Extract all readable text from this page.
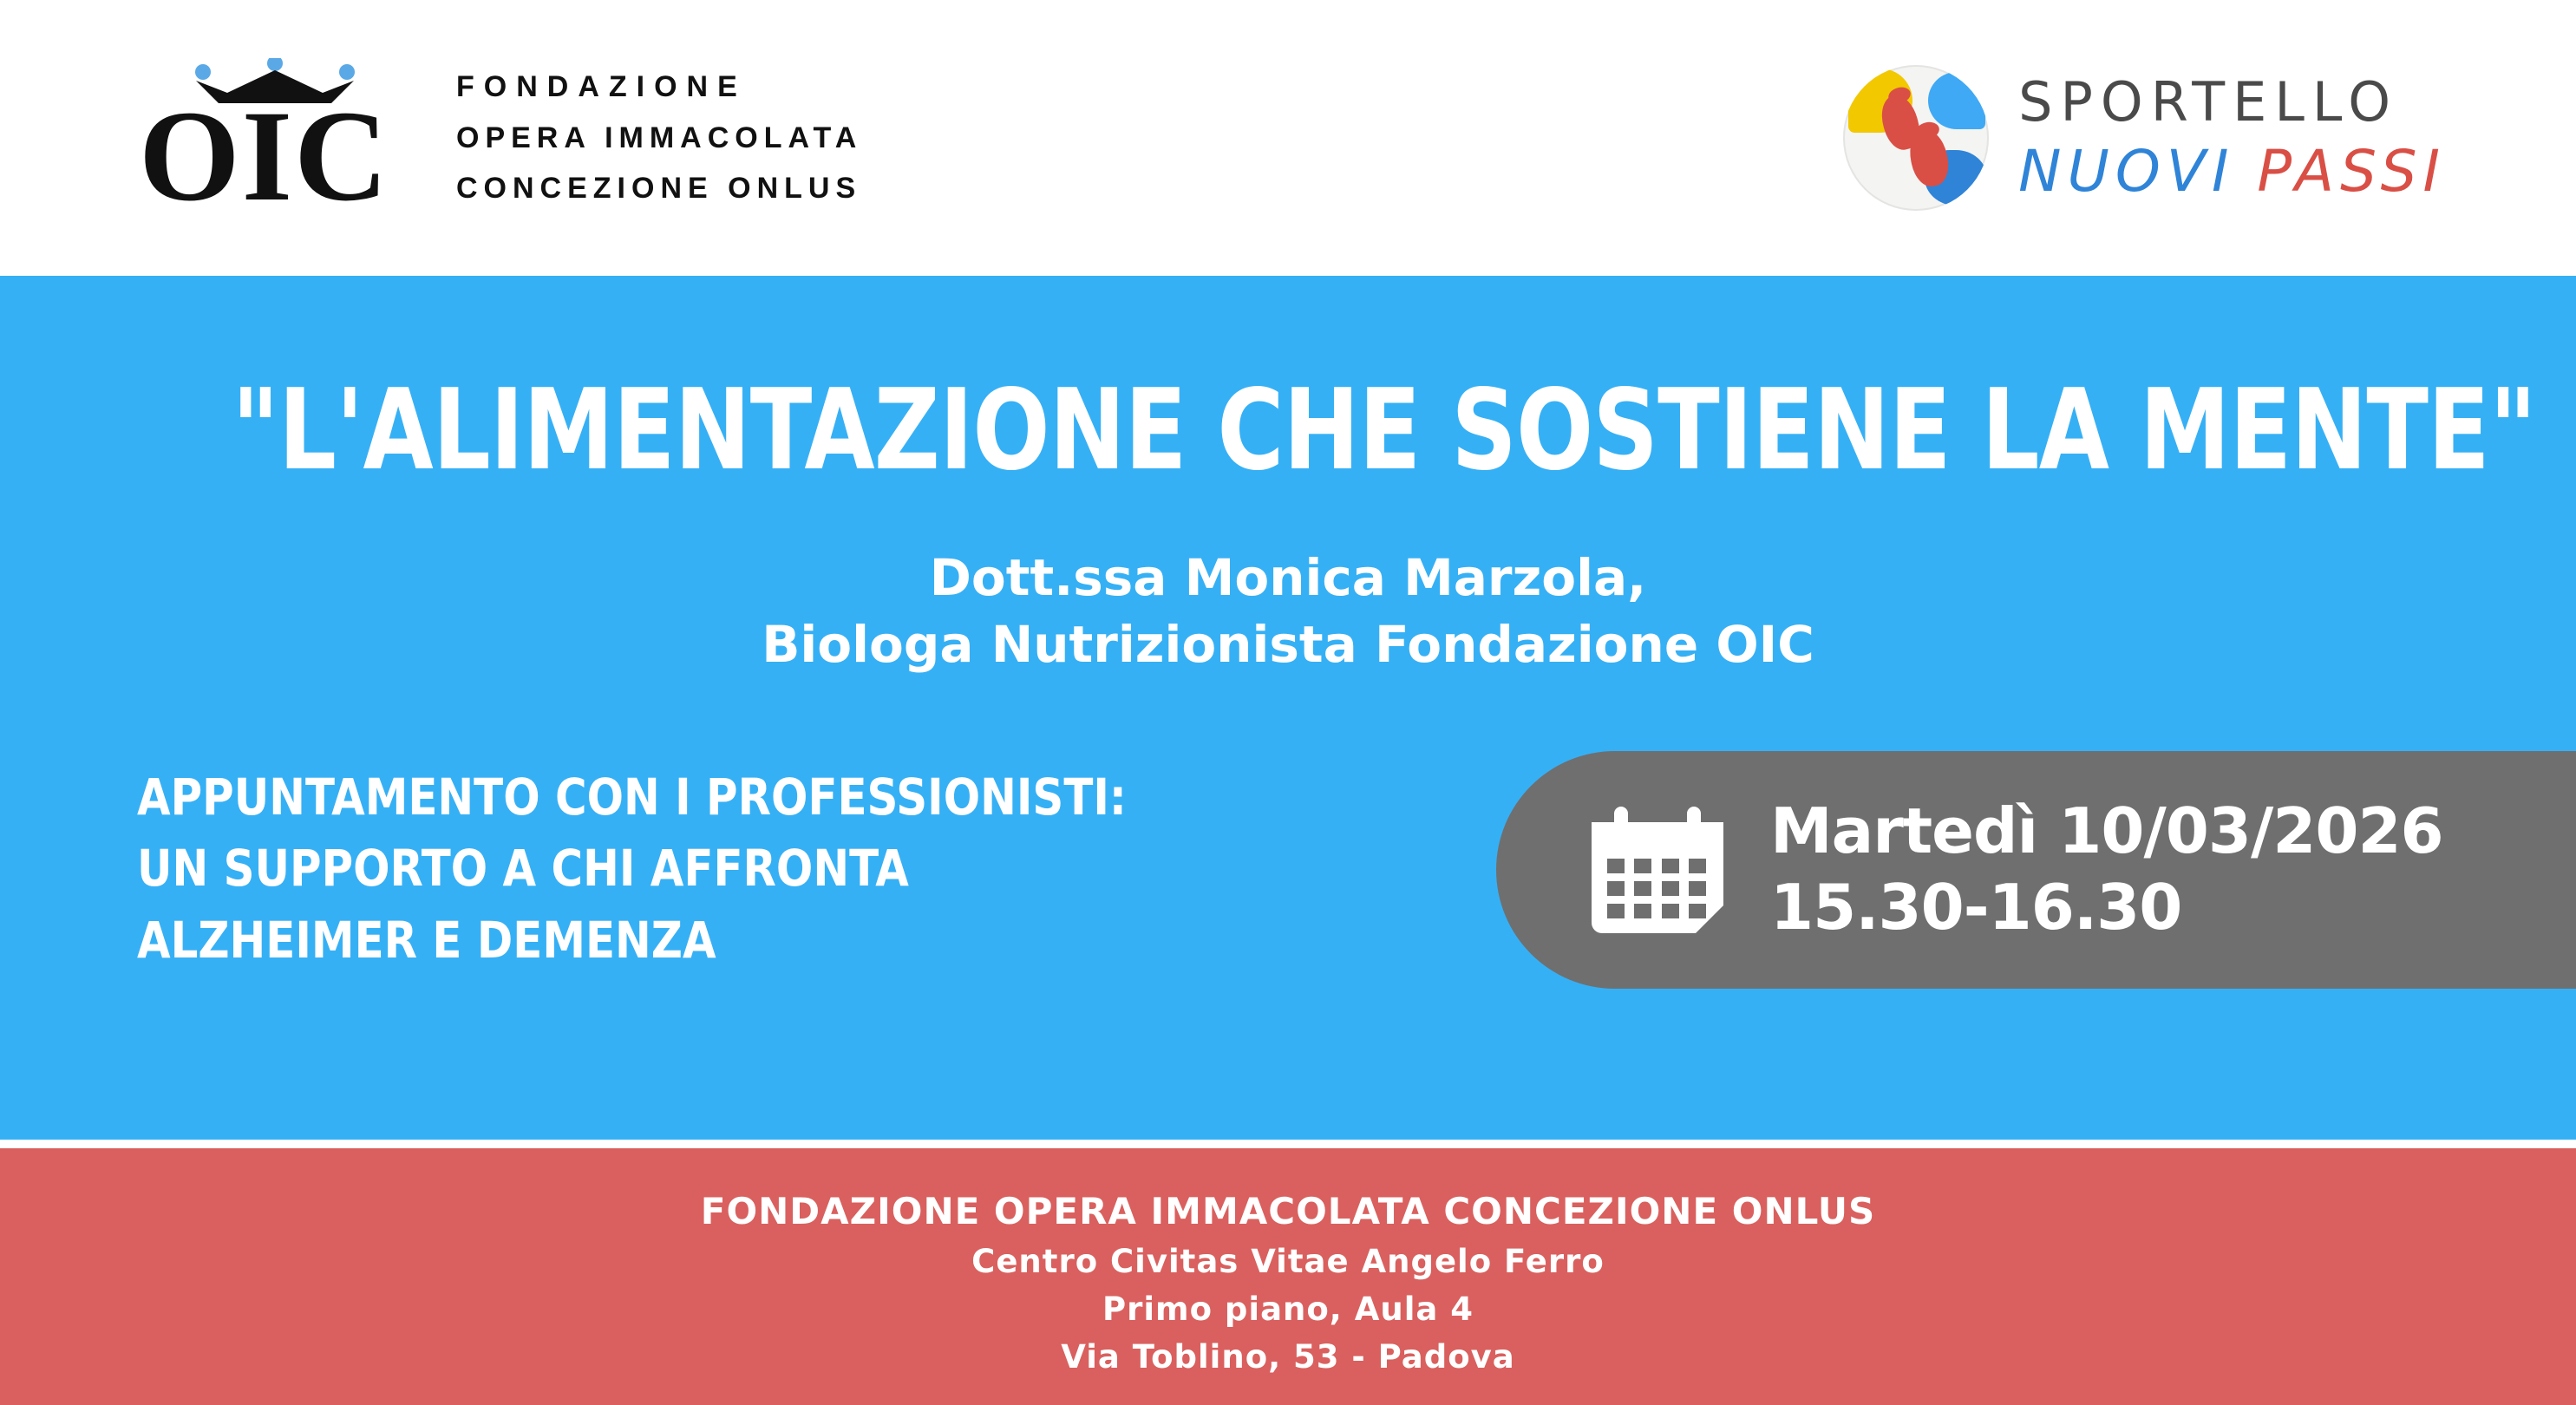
OIC FONDAZIONE
OPERA IMMACOLATA
CONCEZIONE ONLUS
SPORTELLO
NUOVI PASSI
"L'ALIMENTAZIONE CHE SOSTIENE LA MENTE"
Dott.ssa Monica Marzola,
Biologa Nutrizionista Fondazione OIC
APPUNTAMENTO CON I PROFESSIONISTI:
UN SUPPORTO A CHI AFFRONTA
ALZHEIMER E DEMENZA
Martedì 10/03/2026
15.30-16.30
FONDAZIONE OPERA IMMACOLATA CONCEZIONE ONLUS
Centro Civitas Vitae Angelo Ferro
Primo piano, Aula 4
Via Toblino, 53 - Padova
